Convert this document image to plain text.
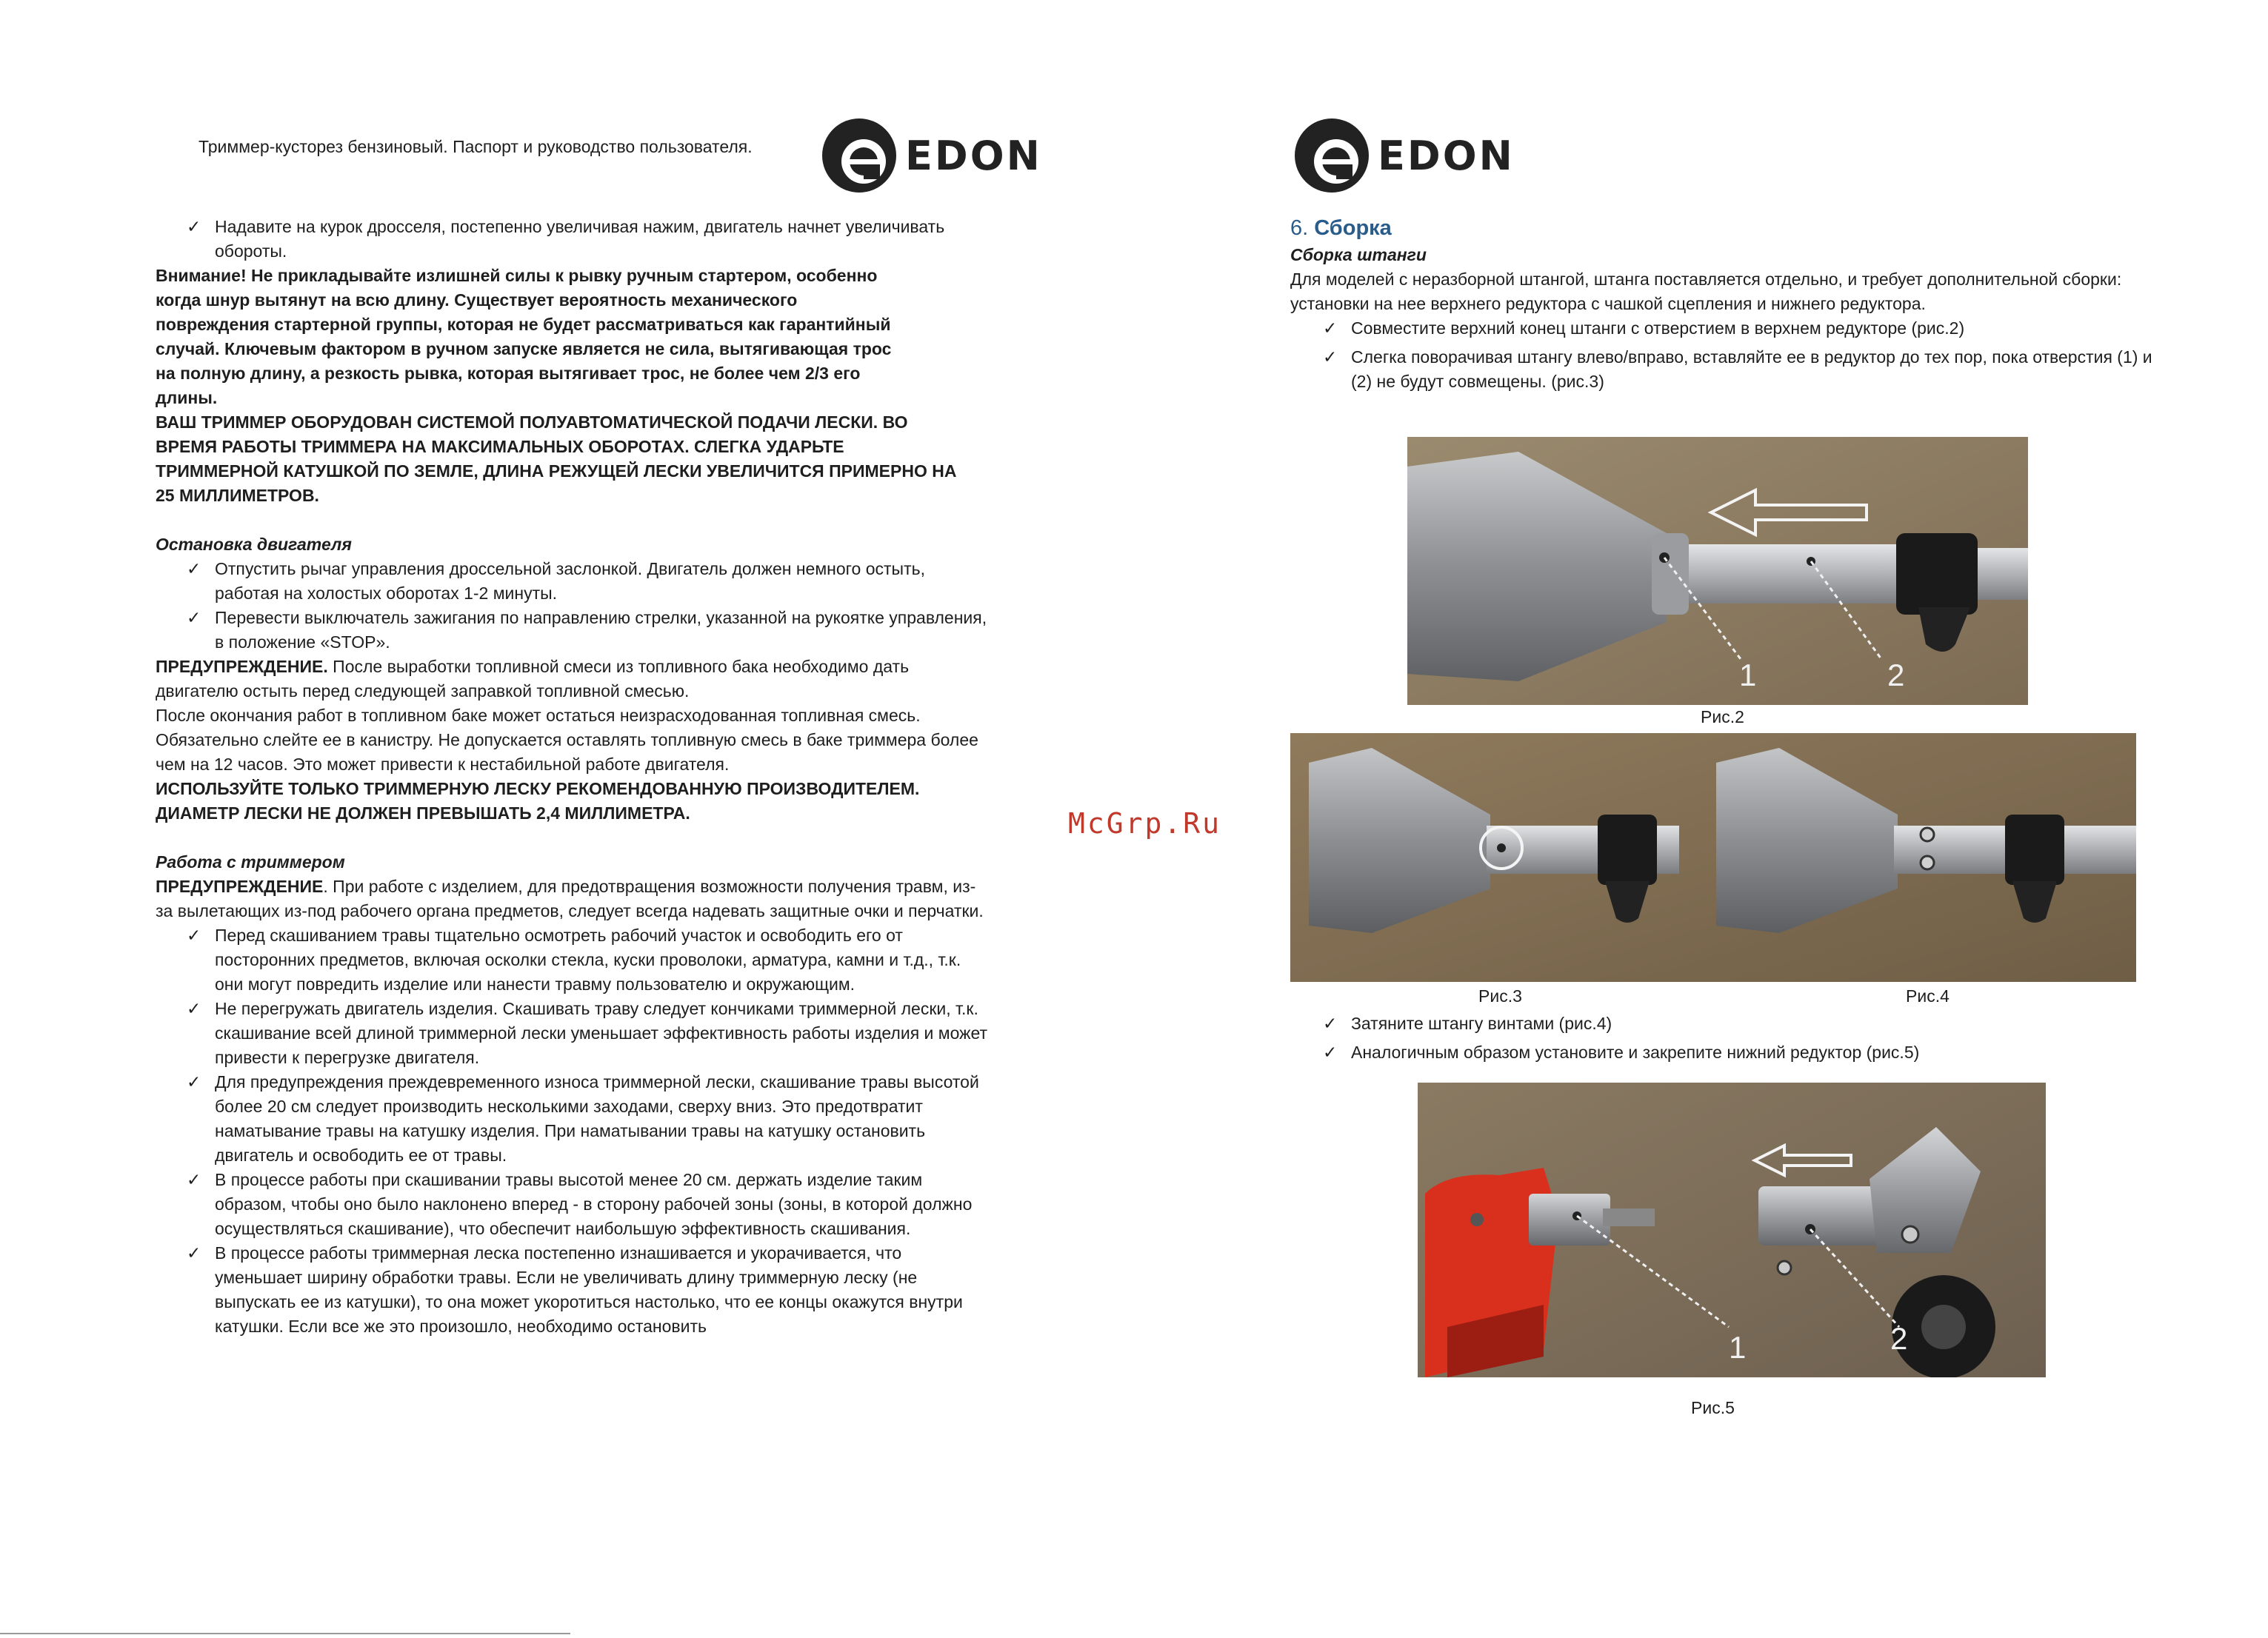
Триммер-кусторез бензиновый. Паспорт и руководство пользователя.	EDON
✓ Надавите на курок дросселя, постепенно увеличивая нажим, двигатель начнет увеличивать обороты.
Внимание! Не прикладывайте излишней силы к рывку ручным стартером, особенно когда шнур вытянут на всю длину. Существует вероятность механического повреждения стартерной группы, которая не будет рассматриваться как гарантийный случай. Ключевым фактором в ручном запуске является не сила, вытягивающая трос на полную длину, а резкость рывка, которая вытягивает трос, не более чем 2/3 его длины.
ВАШ ТРИММЕР ОБОРУДОВАН СИСТЕМОЙ ПОЛУАВТОМАТИЧЕСКОЙ ПОДАЧИ ЛЕСКИ. ВО ВРЕМЯ РАБОТЫ ТРИММЕРА НА МАКСИМАЛЬНЫХ ОБОРОТАХ. СЛЕГКА УДАРЬТЕ ТРИММЕРНОЙ КАТУШКОЙ ПО ЗЕМЛЕ, ДЛИНА РЕЖУЩЕЙ ЛЕСКИ УВЕЛИЧИТСЯ ПРИМЕРНО НА 25 МИЛЛИМЕТРОВ.
Остановка двигателя
✓ Отпустить рычаг управления дроссельной заслонкой. Двигатель должен немного остыть, работая на холостых оборотах 1-2 минуты.
✓ Перевести выключатель зажигания по направлению стрелки, указанной на рукоятке управления, в положение «STOP».
ПРЕДУПРЕЖДЕНИЕ. После выработки топливной смеси из топливного бака необходимо дать двигателю остыть перед следующей заправкой топливной смесью.
После окончания работ в топливном баке может остаться неизрасходованная топливная смесь. Обязательно слейте ее в канистру. Не допускается оставлять топливную смесь в баке триммера более чем на 12 часов. Это может привести к нестабильной работе двигателя.
ИСПОЛЬЗУЙТЕ ТОЛЬКО ТРИММЕРНУЮ ЛЕСКУ РЕКОМЕНДОВАННУЮ ПРОИЗВОДИТЕЛЕМ. ДИАМЕТР ЛЕСКИ НЕ ДОЛЖЕН ПРЕВЫШАТЬ 2,4 МИЛЛИМЕТРА.
Работа с триммером
ПРЕДУПРЕЖДЕНИЕ. При работе с изделием, для предотвращения возможности получения травм, из-за вылетающих из-под рабочего органа предметов, следует всегда надевать защитные очки и перчатки.
✓ Перед скашиванием травы тщательно осмотреть рабочий участок и освободить его от посторонних предметов, включая осколки стекла, куски проволоки, арматура, камни и т.д., т.к. они могут повредить изделие или нанести травму пользователю и окружающим.
✓ Не перегружать двигатель изделия. Скашивать траву следует кончиками триммерной лески, т.к. скашивание всей длиной триммерной лески уменьшает эффективность работы изделия и может привести к перегрузке двигателя.
✓ Для предупреждения преждевременного износа триммерной лески, скашивание травы высотой более 20 см следует производить несколькими заходами, сверху вниз. Это предотвратит наматывание травы на катушку изделия. При наматывании травы на катушку остановить двигатель и освободить ее от травы.
✓ В процессе работы при скашивании травы высотой менее 20 см. держать изделие таким образом, чтобы оно было наклонено вперед - в сторону рабочей зоны (зоны, в которой должно осуществляться скашивание), что обеспечит наибольшую эффективность скашивания.
✓ В процессе работы триммерная леска постепенно изнашивается и укорачивается, что уменьшает ширину обработки травы. Если не увеличивать длину триммерную леску (не выпускать ее из катушки), то она может укоротиться настолько, что ее концы окажутся внутри катушки. Если все же это произошло, необходимо остановить
McGrp.Ru
EDON
6. Сборка
Сборка штанги
Для моделей с неразборной штангой, штанга поставляется отдельно, и требует дополнительной сборки: установки на нее верхнего редуктора с чашкой сцепления и нижнего редуктора.
✓ Совместите верхний конец штанги с отверстием в верхнем редукторе (рис.2)
✓ Слегка поворачивая штангу влево/вправо, вставляйте ее в редуктор до тех пор, пока отверстия (1) и (2) не будут совмещены. (рис.3)
1	2
Рис.2
Рис.3	Рис.4
✓ Затяните штангу винтами (рис.4)
✓ Аналогичным образом установите и закрепите нижний редуктор (рис.5)
1	2
Рис.5
